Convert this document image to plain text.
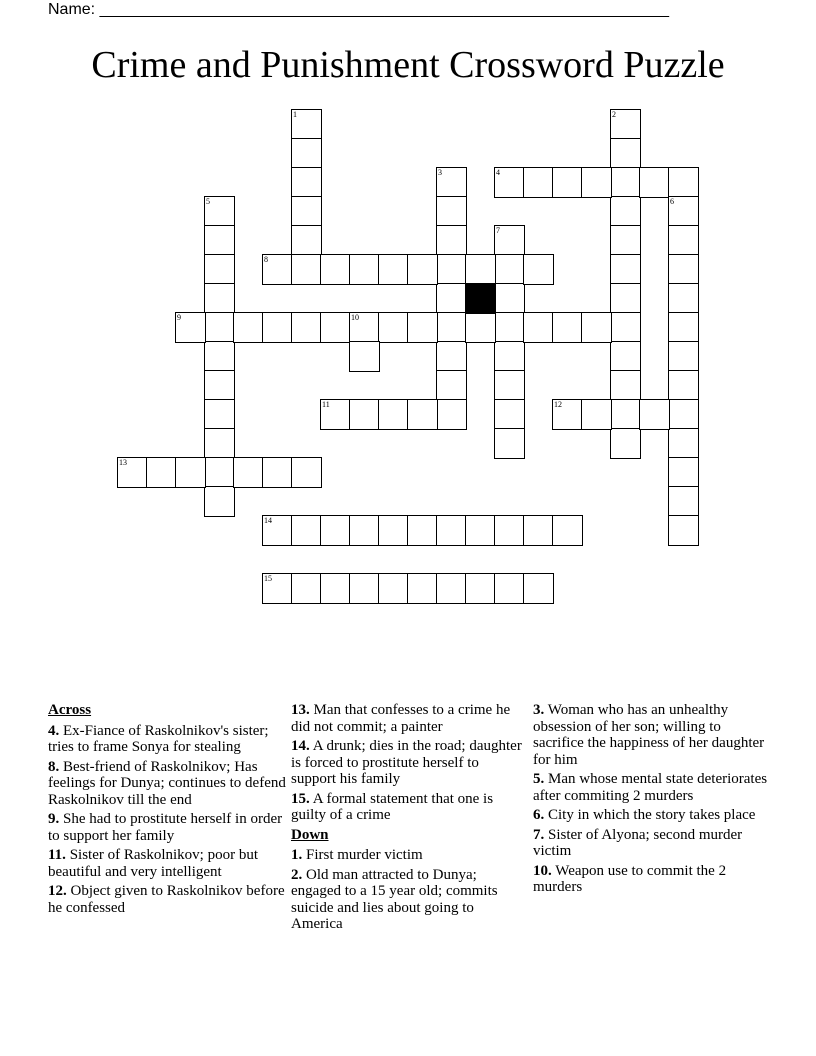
Name: ________________________________________________________________
Crime and Punishment Crossword Puzzle
1	2
3	4
5	6
7
8
9	10
11	12
13
14
15
Across
4. Ex-Fiance of Raskolnikov's sister; tries to frame Sonya for stealing
8. Best-friend of Raskolnikov; Has feelings for Dunya; continues to defend Raskolnikov till the end
9. She had to prostitute herself in order to support her family
11. Sister of Raskolnikov; poor but beautiful and very intelligent
12. Object given to Raskolnikov before he confessed
13. Man that confesses to a crime he did not commit; a painter
14. A drunk; dies in the road; daughter is forced to prostitute herself to support his family
15. A formal statement that one is guilty of a crime
Down
1. First murder victim
2. Old man attracted to Dunya; engaged to a 15 year old; commits suicide and lies about going to America
3. Woman who has an unhealthy obsession of her son; willing to sacrifice the happiness of her daughter for him
5. Man whose mental state deteriorates after commiting 2 murders
6. City in which the story takes place
7. Sister of Alyona; second murder victim
10. Weapon use to commit the 2 murders
